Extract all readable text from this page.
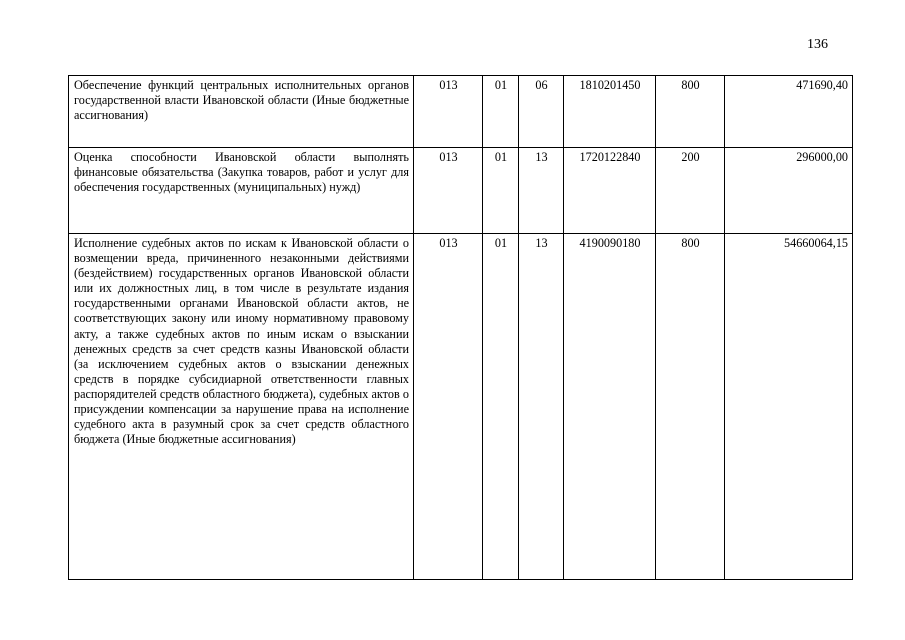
136
Обеспечение функций центральных исполнительных органов государственной власти Ивановской области (Иные бюджетные ассигнования)	013	01	06	1810201450	800	471690,40
Оценка способности Ивановской области выполнять финансовые обязательства (Закупка товаров, работ и услуг для обеспечения государственных (муниципальных) нужд)	013	01	13	1720122840	200	296000,00
Исполнение судебных актов по искам к Ивановской области о возмещении вреда, причиненного незаконными действиями (бездействием) государственных органов Ивановской области или их должностных лиц, в том числе в результате издания государственными органами Ивановской области актов, не соответствующих закону или иному нормативному правовому акту, а также судебных актов по иным искам о взыскании денежных средств за счет средств казны Ивановской области (за исключением судебных актов о взыскании денежных средств в порядке субсидиарной ответственности главных распорядителей средств областного бюджета), судебных актов о присуждении компенсации за нарушение права на исполнение судебного акта в разумный срок за счет средств областного бюджета (Иные бюджетные ассигнования)	013	01	13	4190090180	800	54660064,15
